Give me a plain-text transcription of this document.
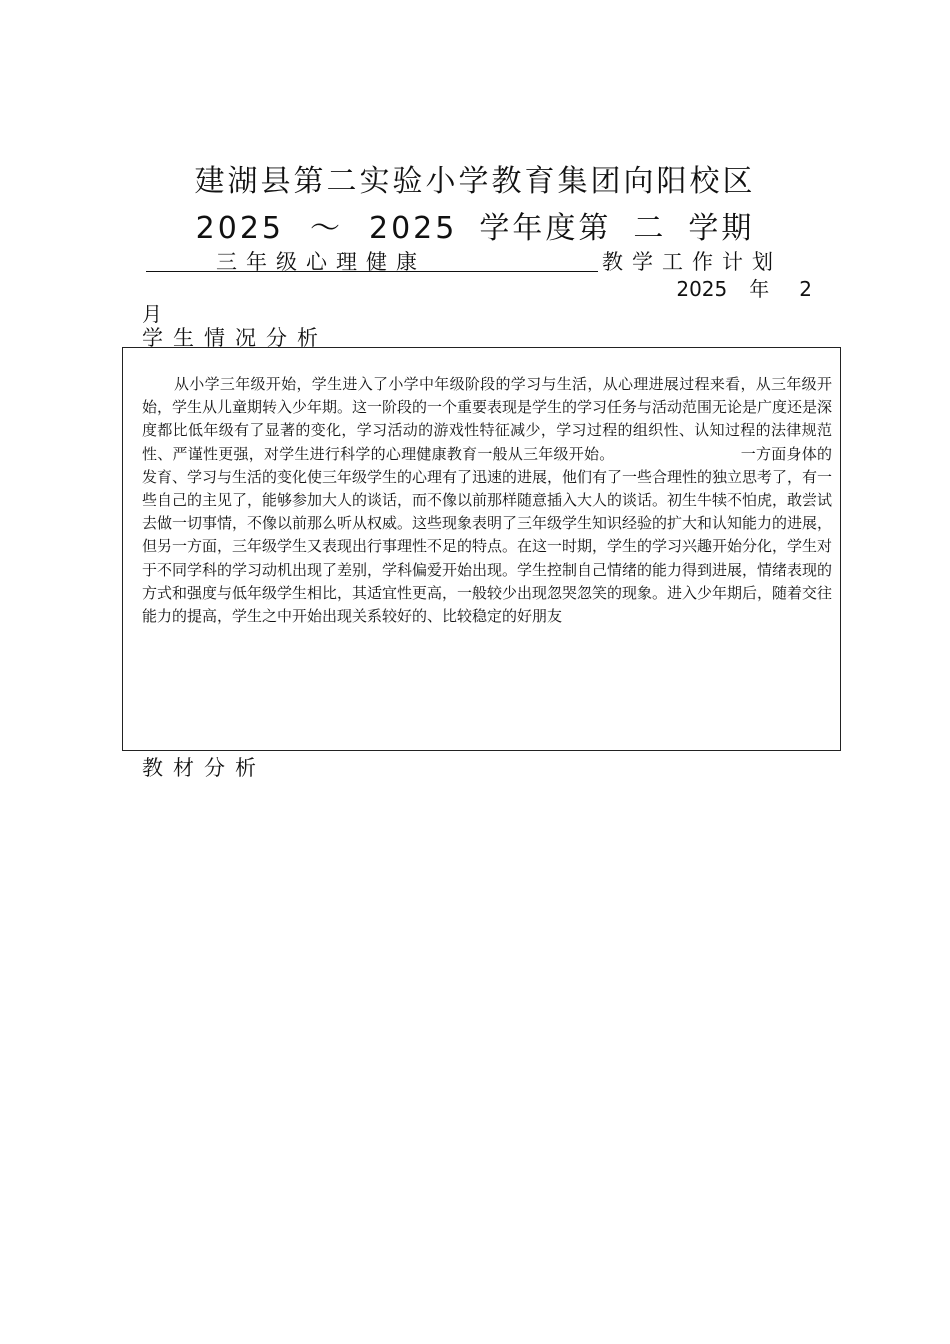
建湖县第二实验小学教育集团向阳校区
2025 ～ 2025 学年度第 二 学期
三年级心理健康	教学工作计划
2025 年 2
月
学生情况分析
从小学三年级开始，学生进入了小学中年级阶段的学习与生活，从心理进展过程来看，从三年级开始，学生从儿童期转入少年期。这一阶段的一个重要表现是学生的学习任务与活动范围无论是广度还是深度都比低年级有了显著的变化，学习活动的游戏性特征减少，学习过程的组织性、认知过程的法律规范性、严谨性更强，对学生进行科学的心理健康教育一般从三年级开始。	一方面身体的发育、学习与生活的变化使三年级学生的心理有了迅速的进展，他们有了一些合理性的独立思考了，有一些自己的主见了，能够参加大人的谈话，而不像以前那样随意插入大人的谈话。初生牛犊不怕虎，敢尝试去做一切事情，不像以前那么听从权威。这些现象表明了三年级学生知识经验的扩大和认知能力的进展，但另一方面，三年级学生又表现出行事理性不足的特点。在这一时期，学生的学习兴趣开始分化，学生对于不同学科的学习动机出现了差别，学科偏爱开始出现。学生控制自己情绪的能力得到进展，情绪表现的方式和强度与低年级学生相比，其适宜性更高，一般较少出现忽哭忽笑的现象。进入少年期后，随着交往能力的提高，学生之中开始出现关系较好的、比较稳定的好朋友
教材分析
